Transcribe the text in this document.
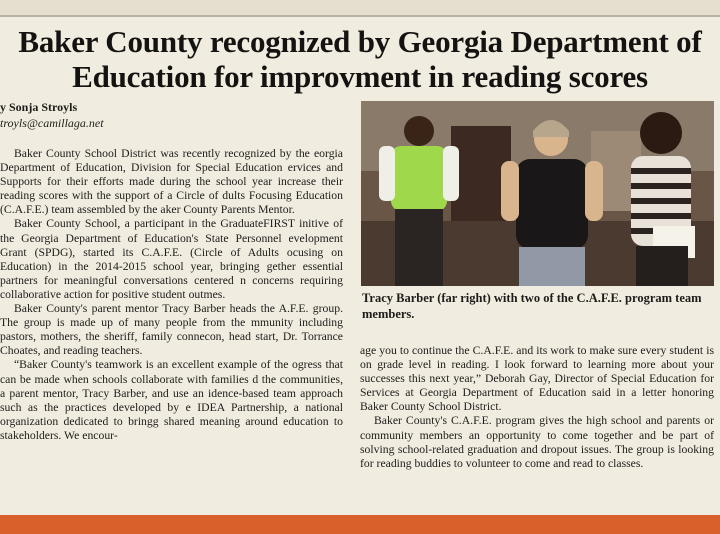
Baker County recognized by Georgia Department of Education for improvment in reading scores
y Sonja Stroyls
troyls@camillaga.net

Baker County School District was recently recognized by the eorgia Department of Education, Division for Special Education ervices and Supports for their efforts made during the school year increase their reading scores with the support of a Circle of dults Focusing Education (C.A.F.E.) team assembled by the aker County Parents Mentor.

Baker County School, a participant in the GraduateFIRST initive of the Georgia Department of Education's State Personnel evelopment Grant (SPDG), started its C.A.F.E. (Circle of Adults ocusing on Education) in the 2014-2015 school year, bringing gether essential partners for meaningful conversations centered n concerns requiring collaborative action for positive student outmes.

Baker County's parent mentor Tracy Barber heads the A.F.E. group. The group is made up of many people from the mmunity including pastors, mothers, the sheriff, family connecon, head start, Dr. Torrance Choates, and reading teachers.

“Baker County's teamwork is an excellent example of the ogress that can be made when schools collaborate with families d the communities, a parent mentor, Tracy Barber, and use an idence-based team approach such as the practices developed by e IDEA Partnership, a national organization dedicated to bringg shared meaning around education to stakeholders. We encour-

Tracy Barber (far right) with two of the C.A.F.E. program team members.

age you to continue the C.A.F.E. and its work to make sure every student is on grade level in reading. I look forward to learning more about your successes this next year,” Deborah Gay, Director of Special Education for Services at Georgia Department of Education said in a letter honoring Baker County School District.

Baker County's C.A.F.E. program gives the high school and parents or community members an opportunity to come together and be part of solving school-related graduation and dropout issues. The group is looking for reading buddies to volunteer to come and read to classes.
